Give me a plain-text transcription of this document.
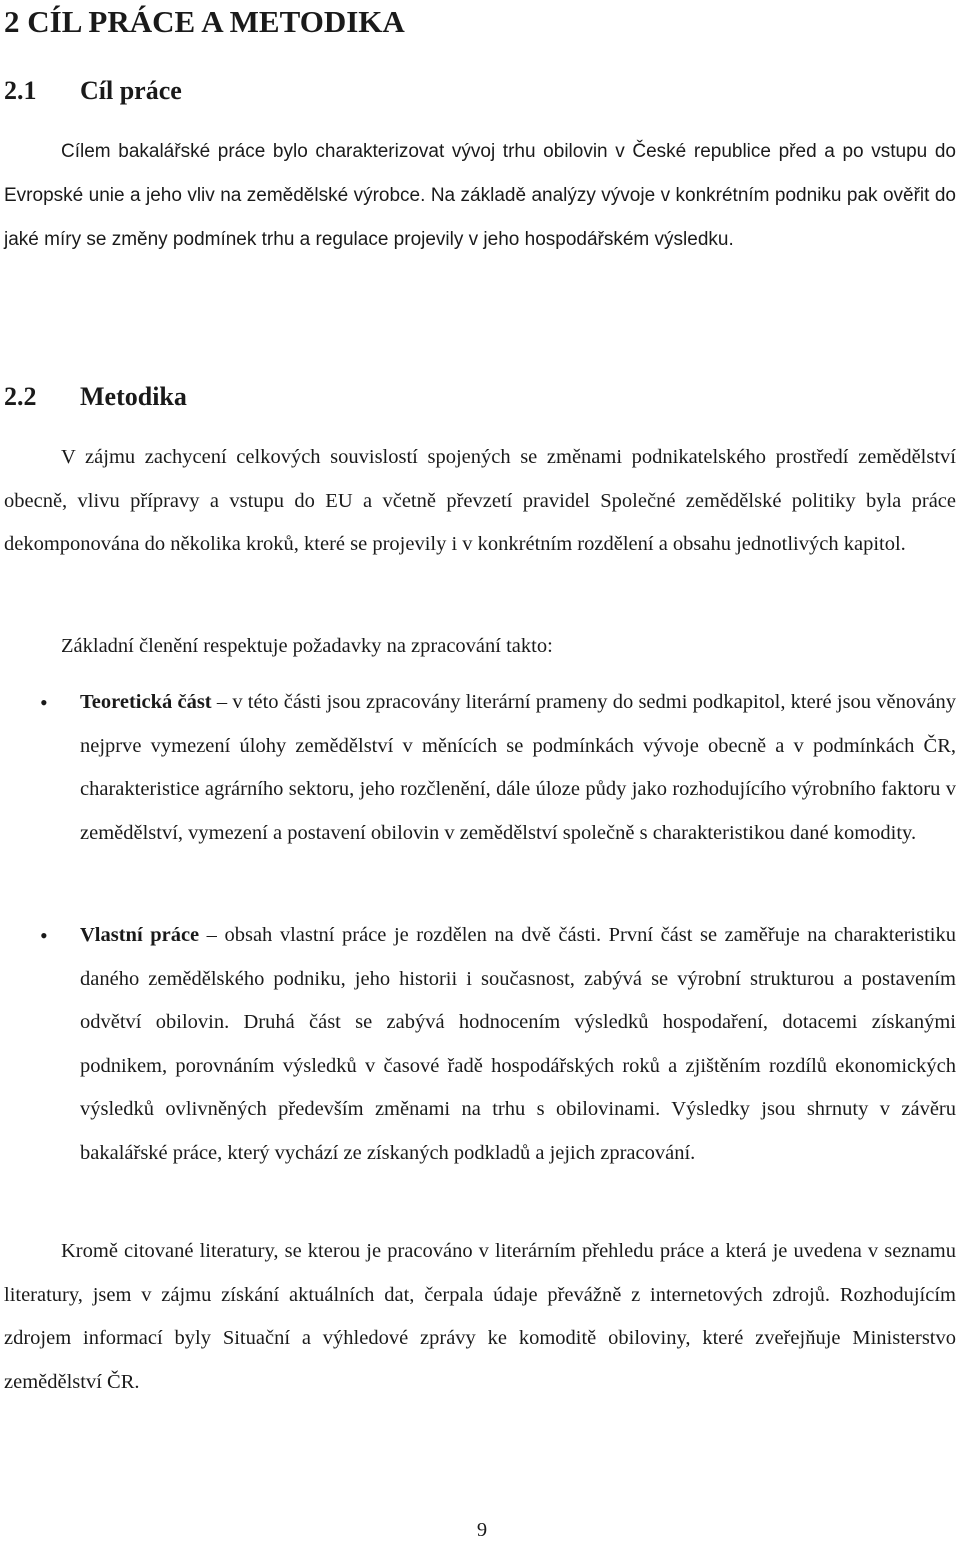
2 CÍL PRÁCE A METODIKA
2.1 Cíl práce

Cílem bakalářské práce bylo charakterizovat vývoj trhu obilovin v České republice před a po vstupu do Evropské unie a jeho vliv na zemědělské výrobce. Na základě analýzy vývoje v konkrétním podniku pak ověřit do jaké míry se změny podmínek trhu a regulace projevily v jeho hospodářském výsledku.

2.2 Metodika

V zájmu zachycení celkových souvislostí spojených se změnami podnikatelského prostředí zemědělství obecně, vlivu přípravy a vstupu do EU a včetně převzetí pravidel Společné zemědělské politiky byla práce dekomponována do několika kroků, které se projevily i v konkrétním rozdělení a obsahu jednotlivých kapitol.

Základní členění respektuje požadavky na zpracování takto:
• Teoretická část – v této části jsou zpracovány literární prameny do sedmi podkapitol, které jsou věnovány nejprve vymezení úlohy zemědělství v měnících se podmínkách vývoje obecně a v podmínkách ČR, charakteristice agrárního sektoru, jeho rozčlenění, dále úloze půdy jako rozhodujícího výrobního faktoru v zemědělství, vymezení a postavení obilovin v zemědělství společně s charakteristikou dané komodity.
• Vlastní práce – obsah vlastní práce je rozdělen na dvě části. První část se zaměřuje na charakteristiku daného zemědělského podniku, jeho historii i současnost, zabývá se výrobní strukturou a postavením odvětví obilovin. Druhá část se zabývá hodnocením výsledků hospodaření, dotacemi získanými podnikem, porovnáním výsledků v časové řadě hospodářských roků a zjištěním rozdílů ekonomických výsledků ovlivněných především změnami na trhu s obilovinami. Výsledky jsou shrnuty v závěru bakalářské práce, který vychází ze získaných podkladů a jejich zpracování.

Kromě citované literatury, se kterou je pracováno v literárním přehledu práce a která je uvedena v seznamu literatury, jsem v zájmu získání aktuálních dat, čerpala údaje převážně z internetových zdrojů. Rozhodujícím zdrojem informací byly Situační a výhledové zprávy ke komoditě obiloviny, které zveřejňuje Ministerstvo zemědělství ČR.

9
